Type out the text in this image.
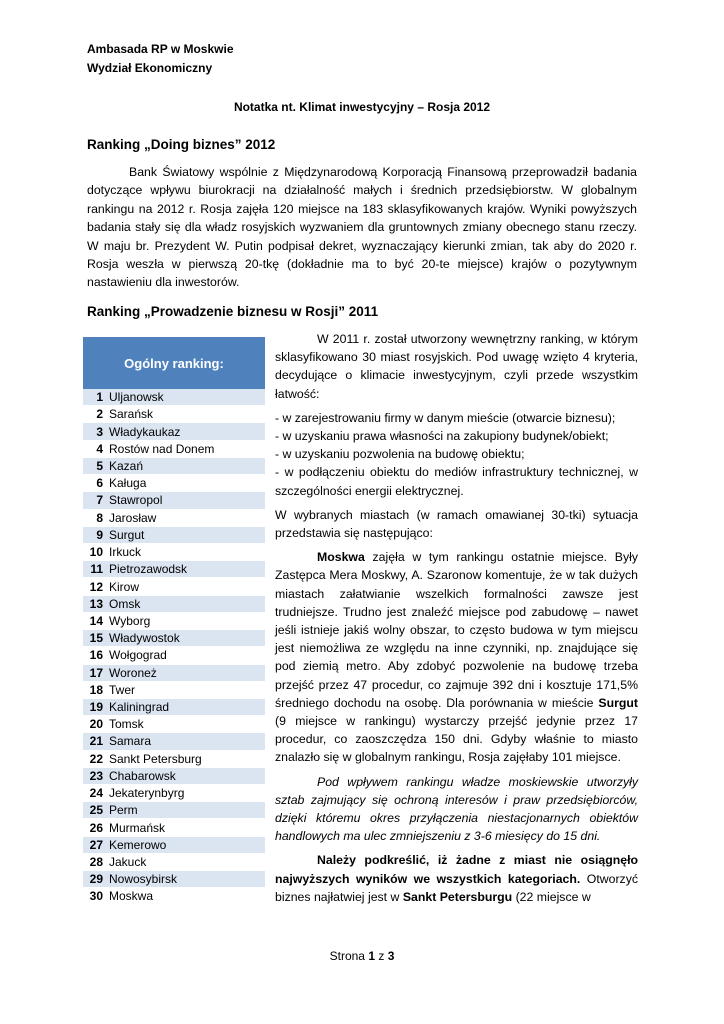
Ambasada RP w Moskwie
Wydział Ekonomiczny
Notatka nt. Klimat inwestycyjny – Rosja 2012
Ranking „Doing biznes” 2012
Bank Światowy wspólnie z Międzynarodową Korporacją Finansową przeprowadził badania dotyczące wpływu biurokracji na działalność małych i średnich przedsiębiorstw. W globalnym rankingu na 2012 r. Rosja zajęła 120 miejsce na 183 sklasyfikowanych krajów. Wyniki powyższych badania stały się dla władz rosyjskich wyzwaniem dla gruntownych zmiany obecnego stanu rzeczy. W maju br. Prezydent W. Putin podpisał dekret, wyznaczający kierunki zmian, tak aby do 2020 r. Rosja weszła w pierwszą 20-tkę (dokładnie ma to być 20-te miejsce) krajów o pozytywnym nastawieniu dla inwestorów.
Ranking „Prowadzenie biznesu w Rosji” 2011
Ogólny ranking:
1 Uljanowsk
2 Sarańsk
3 Władykaukaz
4 Rostów nad Donem
5 Kazań
6 Kaługa
7 Stawropol
8 Jarosław
9 Surgut
10 Irkuck
11 Pietrozawodsk
12 Kirow
13 Omsk
14 Wyborg
15 Władywostok
16 Wołgograd
17 Woroneż
18 Twer
19 Kaliningrad
20 Tomsk
21 Samara
22 Sankt Petersburg
23 Chabarowsk
24 Jekaterynbyrg
25 Perm
26 Murmańsk
27 Kemerowo
28 Jakuck
29 Nowosybirsk
30 Moskwa

W 2011 r. został utworzony wewnętrzny ranking, w którym sklasyfikowano 30 miast rosyjskich. Pod uwagę wzięto 4 kryteria, decydujące o klimacie inwestycyjnym, czyli przede wszystkim łatwość:

- w zarejestrowaniu firmy w danym mieście (otwarcie biznesu);
- w uzyskaniu prawa własności na zakupiony budynek/obiekt;
- w uzyskaniu pozwolenia na budowę obiektu;

- w podłączeniu obiektu do mediów infrastruktury technicznej, w szczególności energii elektrycznej.

W wybranych miastach (w ramach omawianej 30-tki) sytuacja przedstawia się następująco:

Moskwa zajęła w tym rankingu ostatnie miejsce. Były Zastępca Mera Moskwy, A. Szaronow komentuje, że w tak dużych miastach załatwianie wszelkich formalności zawsze jest trudniejsze. Trudno jest znaleźć miejsce pod zabudowę – nawet jeśli istnieje jakiś wolny obszar, to często budowa w tym miejscu jest niemożliwa ze względu na inne czynniki, np. znajdujące się pod ziemią metro. Aby zdobyć pozwolenie na budowę trzeba przejść przez 47 procedur, co zajmuje 392 dni i kosztuje 171,5% średniego dochodu na osobę. Dla porównania w mieście Surgut (9 miejsce w rankingu) wystarczy przejść jedynie przez 17 procedur, co zaoszczędza 150 dni. Gdyby właśnie to miasto znalazło się w globalnym rankingu, Rosja zajęłaby 101 miejsce.

Pod wpływem rankingu władze moskiewskie utworzyły sztab zajmujący się ochroną interesów i praw przedsiębiorców, dzięki któremu okres przyłączenia niestacjonarnych obiektów handlowych ma ulec zmniejszeniu z 3-6 miesięcy do 15 dni.

Należy podkreślić, iż żadne z miast nie osiągnęło najwyższych wyników we wszystkich kategoriach. Otworzyć biznes najłatwiej jest w Sankt Petersburgu (22 miejsce w

Strona 1 z 3
